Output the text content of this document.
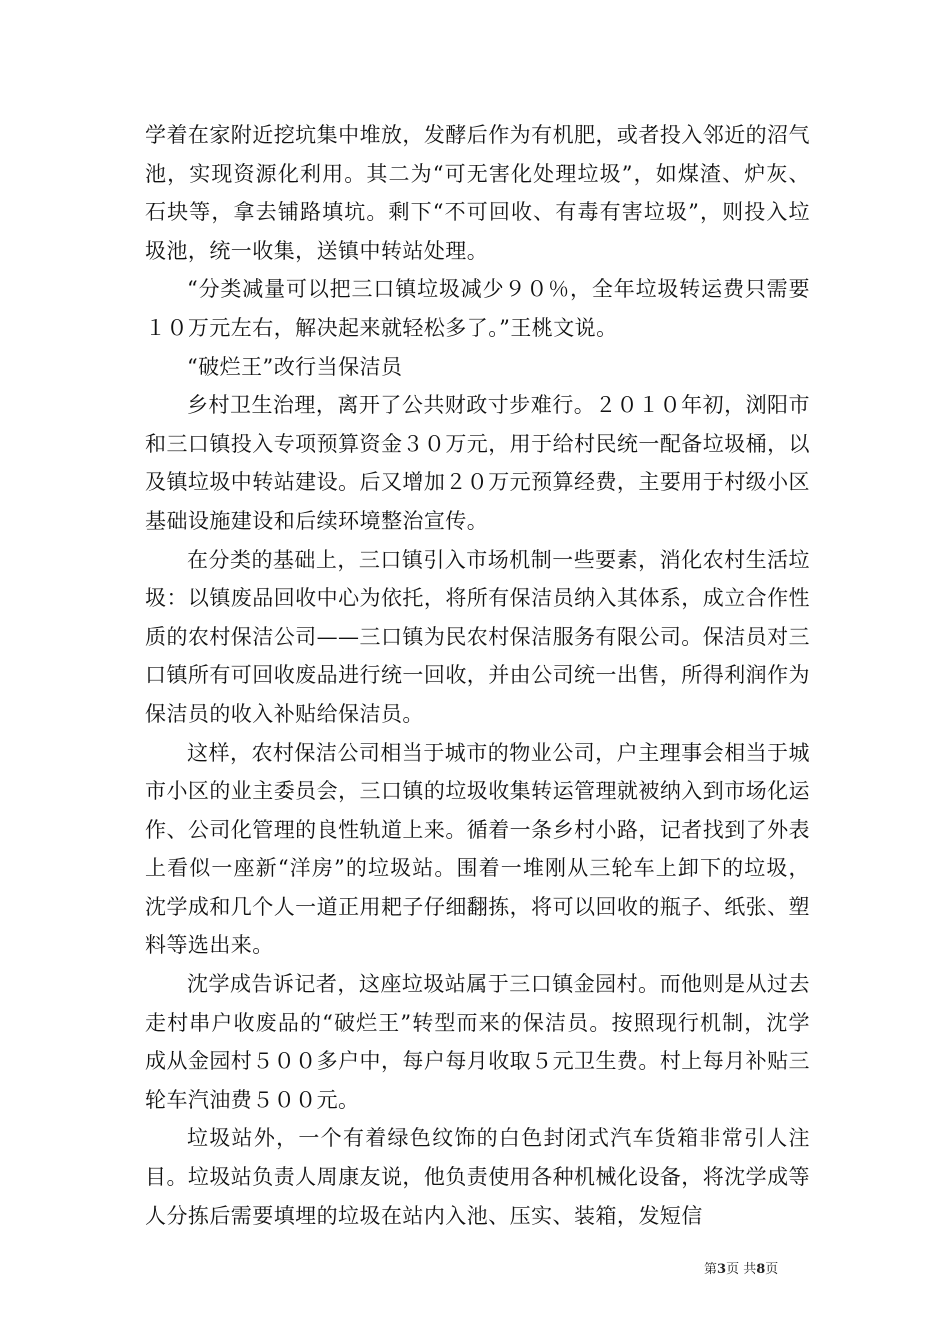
学着在家附近挖坑集中堆放，发酵后作为有机肥，或者投入邻近的沼气池，实现资源化利用。其二为“可无害化处理垃圾”，如煤渣、炉灰、石块等，拿去铺路填坑。剩下“不可回收、有毒有害垃圾”，则投入垃圾池，统一收集，送镇中转站处理。

“分类减量可以把三口镇垃圾减少９０％，全年垃圾转运费只需要１０万元左右，解决起来就轻松多了。”王桃文说。

“破烂王”改行当保洁员

乡村卫生治理，离开了公共财政寸步难行。２０１０年初，浏阳市和三口镇投入专项预算资金３０万元，用于给村民统一配备垃圾桶，以及镇垃圾中转站建设。后又增加２０万元预算经费，主要用于村级小区基础设施建设和后续环境整治宣传。

在分类的基础上，三口镇引入市场机制一些要素，消化农村生活垃圾：以镇废品回收中心为依托，将所有保洁员纳入其体系，成立合作性质的农村保洁公司——三口镇为民农村保洁服务有限公司。保洁员对三口镇所有可回收废品进行统一回收，并由公司统一出售，所得利润作为保洁员的收入补贴给保洁员。

这样，农村保洁公司相当于城市的物业公司，户主理事会相当于城市小区的业主委员会，三口镇的垃圾收集转运管理就被纳入到市场化运作、公司化管理的良性轨道上来。循着一条乡村小路，记者找到了外表上看似一座新“洋房”的垃圾站。围着一堆刚从三轮车上卸下的垃圾，沈学成和几个人一道正用耙子仔细翻拣，将可以回收的瓶子、纸张、塑料等选出来。

沈学成告诉记者，这座垃圾站属于三口镇金园村。而他则是从过去走村串户收废品的“破烂王”转型而来的保洁员。按照现行机制，沈学成从金园村５００多户中，每户每月收取５元卫生费。村上每月补贴三轮车汽油费５００元。

垃圾站外，一个有着绿色纹饰的白色封闭式汽车货箱非常引人注目。垃圾站负责人周康友说，他负责使用各种机械化设备，将沈学成等人分拣后需要填埋的垃圾在站内入池、压实、装箱，发短信

第3页 共8页
